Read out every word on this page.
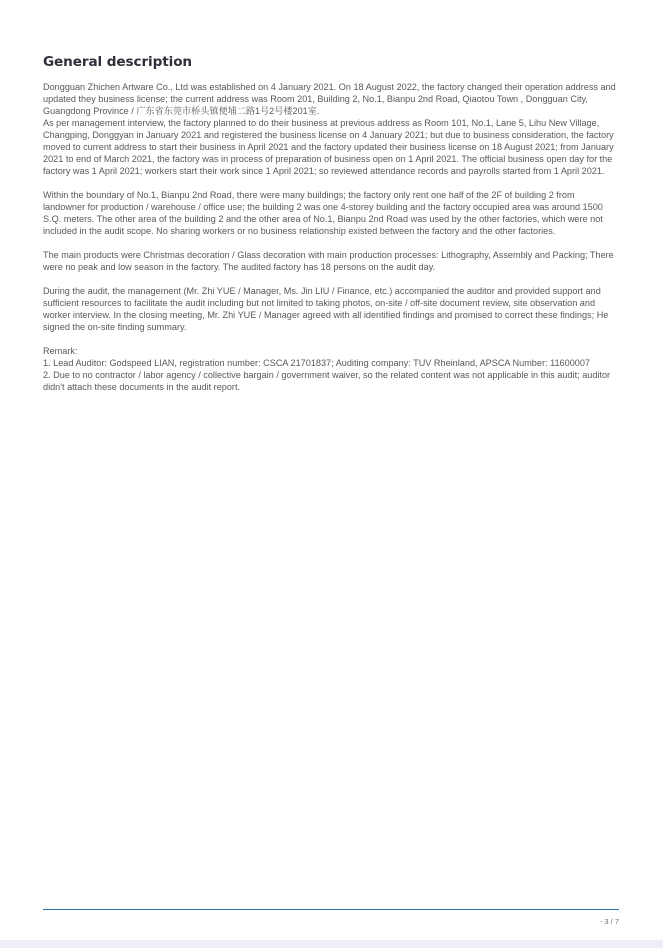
General description

Dongguan Zhichen Artware Co., Ltd was established on 4 January 2021. On 18 August 2022, the factory changed their operation address and updated they business license; the current address was Room 201, Building 2, No.1, Bianpu 2nd Road, Qiaotou Town , Dongguan City, Guangdong Province / 广东省东莞市桥头镇便埔二路1号2号楼201室.

As per management interview, the factory planned to do their business at previous address as Room 101, No.1, Lane 5, Lihu New Village, Changping, Donggyan in January 2021 and registered the business license on 4 January 2021; but due to business consideration, the factory moved to current address to start their business in April 2021 and the factory updated their business license on 18 August 2021; from January 2021 to end of March 2021, the factory was in process of preparation of business open on 1 April 2021. The official business open day for the factory was 1 April 2021; workers start their work since 1 April 2021; so reviewed attendance records and payrolls started from 1 April 2021.

Within the boundary of No.1, Bianpu 2nd Road, there were many buildings; the factory only rent one half of the 2F of building 2 from landowner for production / warehouse / office use; the building 2 was one 4-storey building and the factory occupied area was around 1500 S.Q. meters. The other area of the building 2 and the other area of No.1, Bianpu 2nd Road was used by the other factories, which were not included in the audit scope. No sharing workers or no business relationship existed between the factory and the other factories.

The main products were Christmas decoration / Glass decoration with main production processes: Lithography, Assembly and Packing; There were no peak and low season in the factory. The audited factory has 18 persons on the audit day.

During the audit, the management (Mr. Zhi YUE / Manager, Ms. Jin LIU / Finance, etc.) accompanied the auditor and provided support and sufficient resources to facilitate the audit including but not limited to taking photos, on-site / off-site document review, site observation and worker interview. In the closing meeting, Mr. Zhi YUE / Manager agreed with all identified findings and promised to correct these findings; He signed the on-site finding summary.

Remark:

1. Lead Auditor: Godspeed LIAN, registration number: CSCA 21701837; Auditing company: TUV Rheinland, APSCA Number: 11600007

2. Due to no contractor / labor agency / collective bargain / government waiver, so the related content was not applicable in this audit; auditor didn't attach these documents in the audit report.

- 3 / 7
